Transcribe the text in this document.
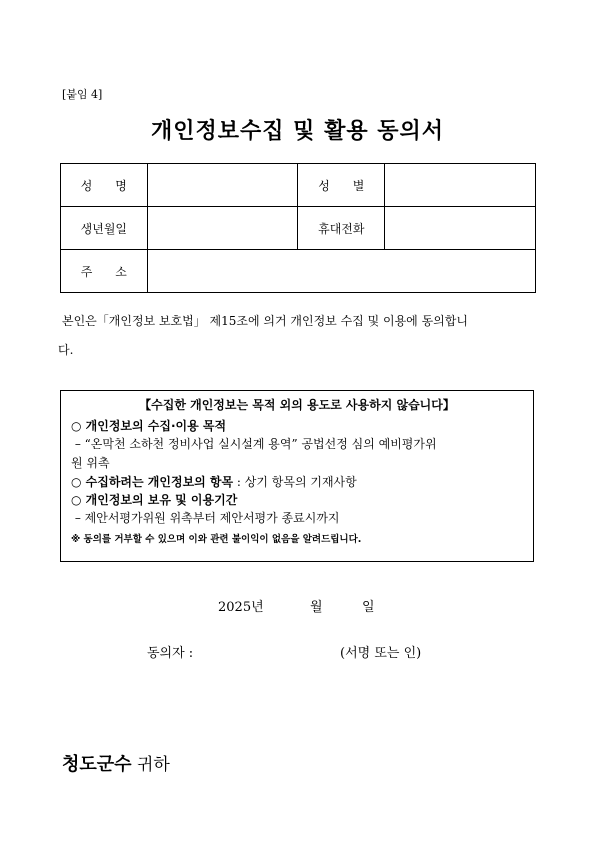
[붙임 4]
개인정보수집 및 활용 동의서
성      명		성      별	
생년월일		휴대전화	
주      소			
본인은「개인정보 보호법」 제15조에 의거 개인정보 수집 및 이용에 동의합니
다.
【수집한 개인정보는 목적 외의 용도로 사용하지 않습니다】
○ 개인정보의 수집·이용 목적
– “온막천 소하천 정비사업 실시설계 용역” 공법선정 심의 예비평가위
원 위촉
○ 수집하려는 개인정보의 항목 : 상기 항목의 기재사항
○ 개인정보의 보유 및 이용기간
– 제안서평가위원 위촉부터 제안서평가 종료시까지
※ 동의를 거부할 수 있으며 이와 관련 불이익이 없음을 알려드립니다.
2025년	월	일
동의자 :	(서명 또는 인)
청도군수 귀하
